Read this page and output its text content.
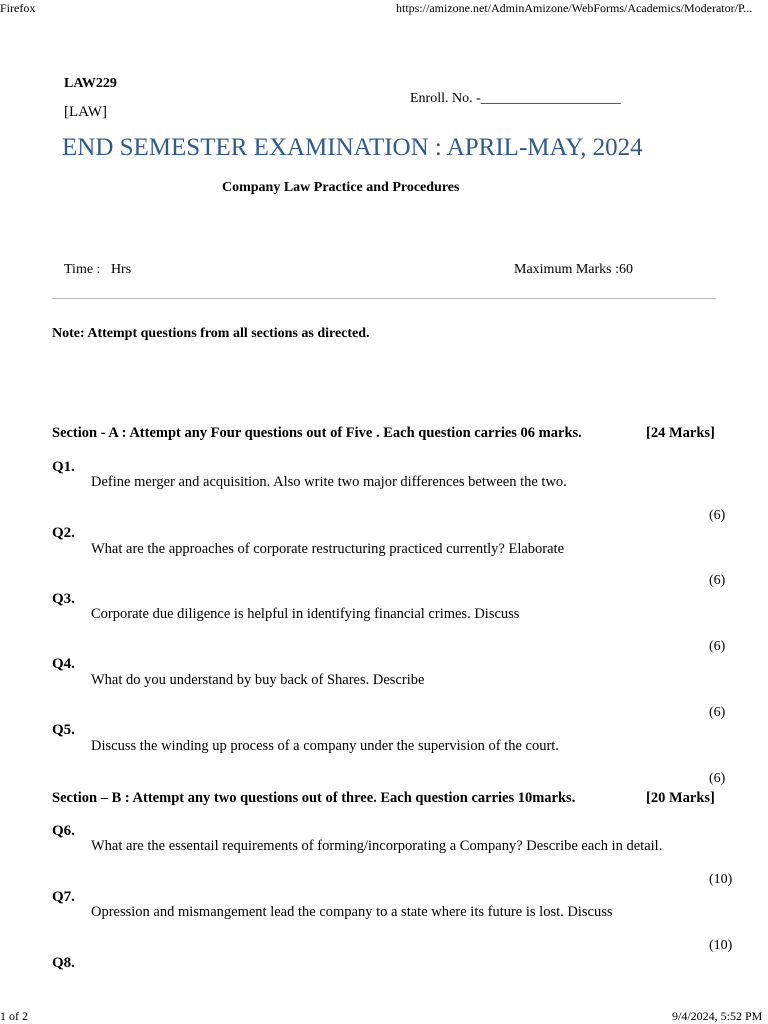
Firefox	https://amizone.net/AdminAmizone/WebForms/Academics/Moderator/P...
1 of 2	9/4/2024, 5:52 PM
LAW229
[LAW]
Enroll. No. -____________________
END SEMESTER EXAMINATION : APRIL-MAY, 2024
Company Law Practice and Procedures
Time :   Hrs	Maximum Marks :60
Note: Attempt questions from all sections as directed.
Section - A : Attempt any Four questions out of Five . Each question carries 06 marks.	[24 Marks]
Q1.
Define merger and acquisition. Also write two major differences between the two.
(6)
Q2.
What are the approaches of corporate restructuring practiced currently? Elaborate
(6)
Q3.
Corporate due diligence is helpful in identifying financial crimes. Discuss
(6)
Q4.
What do you understand by buy back of Shares. Describe
(6)
Q5.
Discuss the winding up process of a company under the supervision of the court.
(6)
Section – B : Attempt any two questions out of three. Each question carries 10marks.	[20 Marks]
Q6.
What are the essentail requirements of forming/incorporating a Company? Describe each in detail.
(10)
Q7.
Opression and mismangement lead the company to a state where its future is lost. Discuss
(10)
Q8.
